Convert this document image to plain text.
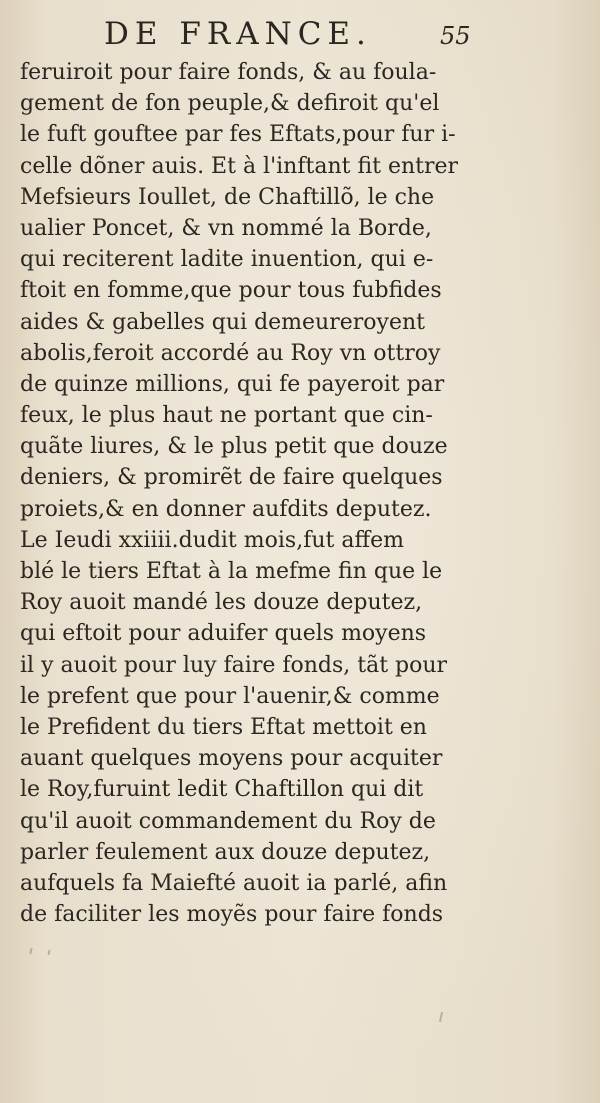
DE FRANCE.	55
feruiroit pour faire fonds, & au foula-
gement de fon peuple,& defiroit qu'el
le fuft gouftee par fes Eftats,pour fur i-
celle dõner auis. Et à l'inftant fit entrer
Mefsieurs Ioullet, de Chaftillõ, le che
ualier Poncet, & vn nommé la Borde,
qui reciterent ladite inuention, qui e-
ftoit en fomme,que pour tous fubfides
aides & gabelles qui demeureroyent
abolis,feroit accordé au Roy vn ottroy
de quinze millions, qui fe payeroit par
feux, le plus haut ne portant que cin-
quãte liures, & le plus petit que douze
deniers, & promirẽt de faire quelques
proiets,& en donner aufdits deputez.
Le Ieudi xxiiii.dudit mois,fut affem
blé le tiers Eftat à la mefme fin que le
Roy auoit mandé les douze deputez,
qui eftoit pour aduifer quels moyens
il y auoit pour luy faire fonds, tãt pour
le prefent que pour l'auenir,& comme
le Prefident du tiers Eftat mettoit en
auant quelques moyens pour acquiter
le Roy,furuint ledit Chaftillon qui dit
qu'il auoit commandement du Roy de
parler feulement aux douze deputez,
aufquels fa Maiefté auoit ia parlé, afin
de faciliter les moyẽs pour faire fonds
